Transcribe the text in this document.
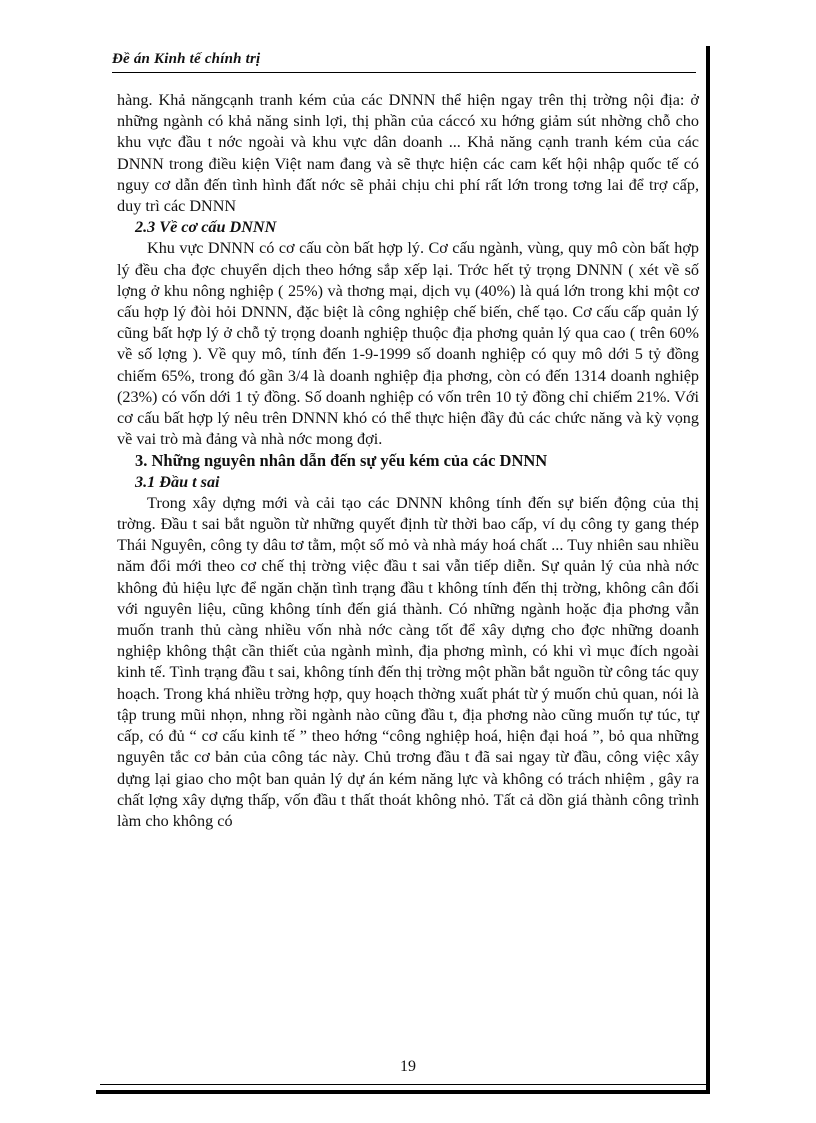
Đề án Kinh tế chính trị

hàng. Khả năngcạnh tranh kém của các DNNN thể hiện ngay trên thị trờng nội địa: ở những ngành có khả năng sinh lợi, thị phần của cáccó xu hớng giảm sút nhờng chỗ cho khu vực đầu t nớc ngoài và khu vực dân doanh ... Khả năng cạnh tranh kém của các DNNN trong điều kiện Việt nam đang và sẽ thực hiện các cam kết hội nhập quốc tế có nguy cơ dẫn đến tình hình đất nớc sẽ phải chịu chi phí rất lớn trong tơng lai để trợ cấp, duy trì các DNNN

2.3 Về cơ cấu DNNN

Khu vực DNNN có cơ cấu còn bất hợp lý. Cơ cấu ngành, vùng, quy mô còn bất hợp lý đều cha đợc chuyển dịch theo hớng sắp xếp lại. Trớc hết tỷ trọng DNNN ( xét về số lợng ở khu nông nghiệp ( 25%) và thơng mại, dịch vụ (40%) là quá lớn trong khi một cơ cấu hợp lý đòi hỏi DNNN, đặc biệt là công nghiệp chế biến, chế tạo. Cơ cấu cấp quản lý cũng bất hợp lý ở chỗ tỷ trọng doanh nghiệp thuộc địa phơng quản lý qua cao ( trên 60% về số lợng ). Về quy mô, tính đến 1-9-1999 số doanh nghiệp có quy mô dới 5 tỷ đồng chiếm 65%, trong đó gần 3/4 là doanh nghiệp địa phơng, còn có đến 1314 doanh nghiệp (23%) có vốn dới 1 tỷ đồng. Số doanh nghiệp có vốn trên 10 tỷ đồng chỉ chiếm 21%. Với cơ cấu bất hợp lý nêu trên DNNN khó có thể thực hiện đầy đủ các chức năng và kỳ vọng về vai trò mà đảng và nhà nớc mong đợi.

3. Những nguyên nhân dẫn đến sự yếu kém của các DNNN

3.1 Đầu t sai

Trong xây dựng mới và cải tạo các DNNN không tính đến sự biến động của thị trờng. Đầu t sai bắt nguồn từ những quyết định từ thời bao cấp, ví dụ công ty gang thép Thái Nguyên, công ty dâu tơ tằm, một số mỏ và nhà máy hoá chất ... Tuy nhiên sau nhiều năm đổi mới theo cơ chế thị trờng việc đầu t sai vẫn tiếp diễn. Sự quản lý của nhà nớc không đủ hiệu lực để ngăn chặn tình trạng đầu t không tính đến thị trờng, không cân đối với nguyên liệu, cũng không tính đến giá thành. Có những ngành hoặc địa phơng vẫn muốn tranh thủ càng nhiều vốn nhà nớc càng tốt để xây dựng cho đợc những doanh nghiệp không thật cần thiết của ngành mình, địa phơng mình, có khi vì mục đích ngoài kinh tế. Tình trạng đầu t sai, không tính đến thị trờng một phần bắt nguồn từ công tác quy hoạch. Trong khá nhiều trờng hợp, quy hoạch thờng xuất phát từ ý muốn chủ quan, nói là tập trung mũi nhọn, nhng rồi ngành nào cũng đầu t, địa phơng nào cũng muốn tự túc, tự cấp, có đủ “ cơ cấu kinh tế ” theo hớng “công nghiệp hoá, hiện đại hoá ”, bỏ qua những nguyên tắc cơ bản của công tác này. Chủ trơng đầu t đã sai ngay từ đầu, công việc xây dựng lại giao cho một ban quản lý dự án kém năng lực và không có trách nhiệm , gây ra chất lợng xây dựng thấp, vốn đầu t thất thoát không nhỏ. Tất cả dồn giá thành công trình làm cho không có

19
